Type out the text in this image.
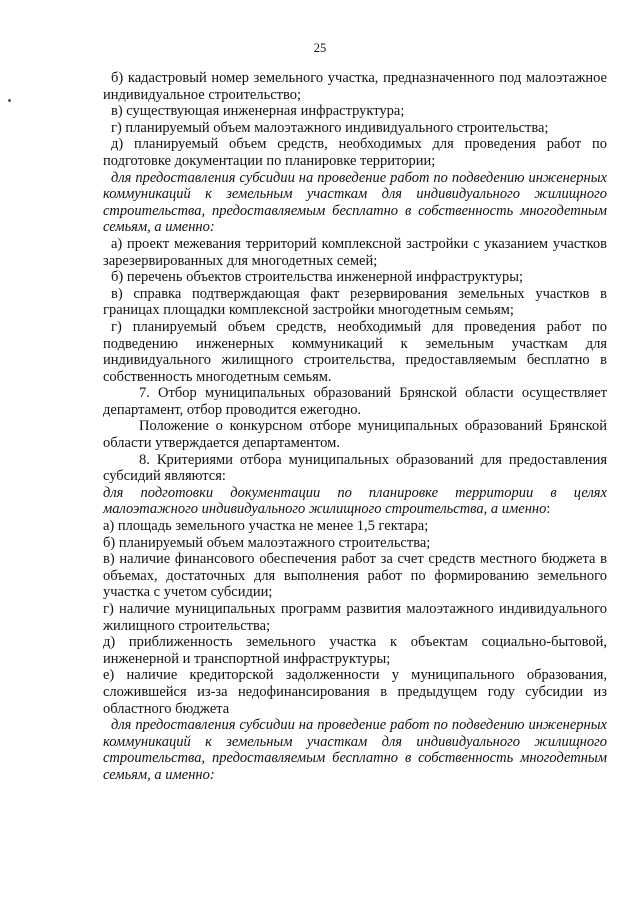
25

б) кадастровый номер земельного участка, предназначенного под малоэтажное индивидуальное строительство;

в) существующая инженерная инфраструктура;

г) планируемый объем малоэтажного индивидуального строительства;

д) планируемый объем средств, необходимых для проведения работ по подготовке документации по планировке территории;

для предоставления субсидии на проведение работ по подведению инженерных коммуникаций к земельным участкам для индивидуального жилищного строительства, предоставляемым бесплатно в собственность многодетным семьям, а именно:

а) проект межевания территорий комплексной застройки с указанием участков зарезервированных для многодетных семей;

б) перечень объектов строительства инженерной инфраструктуры;

в) справка подтверждающая факт резервирования земельных участков в границах площадки комплексной застройки многодетным семьям;

г) планируемый объем средств, необходимый для проведения работ по подведению инженерных коммуникаций к земельным участкам для индивидуального жилищного строительства, предоставляемым бесплатно в собственность многодетным семьям.

7. Отбор муниципальных образований Брянской области осуществляет департамент, отбор проводится ежегодно.

Положение о конкурсном отборе муниципальных образований Брянской области утверждается департаментом.

8. Критериями отбора муниципальных образований для предоставления субсидий являются:

для подготовки документации по планировке территории в целях малоэтажного индивидуального жилищного строительства, а именно:

а) площадь земельного участка не менее 1,5 гектара;

б) планируемый объем малоэтажного строительства;

в) наличие финансового обеспечения работ за счет средств местного бюджета в объемах, достаточных для выполнения работ по формированию земельного участка с учетом субсидии;

г) наличие муниципальных программ развития малоэтажного индивидуального жилищного строительства;

д) приближенность земельного участка к объектам социально-бытовой, инженерной и транспортной инфраструктуры;

е) наличие кредиторской задолженности у муниципального образования, сложившейся из-за недофинансирования в предыдущем году субсидии из областного бюджета

для предоставления субсидии на проведение работ по подведению инженерных коммуникаций к земельным участкам для индивидуального жилищного строительства, предоставляемым бесплатно в собственность многодетным семьям, а именно:
